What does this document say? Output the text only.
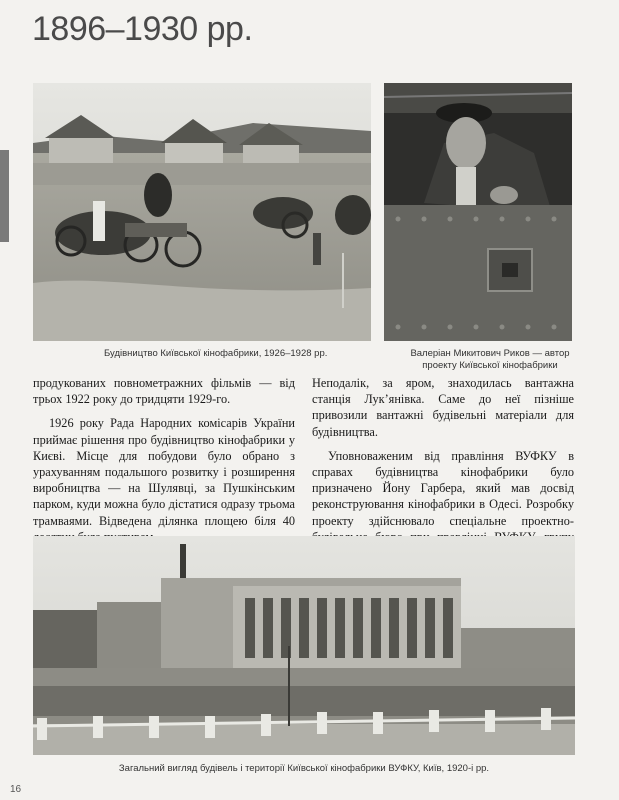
1896–1930 рр.
Будівництво Київської кінофабрики, 1926–1928 рр.	Валеріан Микитович Риков — автор
проекту Київської кінофабрики

продукованих повнометражних фільмів — від трьох 1922 року до тридцяти 1929-го.

1926 року Рада Народних комісарів України приймає рішення про будівництво кінофабрики у Києві. Місце для побудови було обрано з урахуванням подальшого розвитку і розширення виробництва — на Шулявці, за Пушкінським парком, куди можна було дістатися одразу трьома трамваями. Відведена ділянка площею біля 40

Неподалік, за яром, знаходилась вантажна станція Лук’янівка. Саме до неї пізніше привозили вантажні будівельні матеріали для будівництва.

Уповноваженим від правління ВУФКУ в справах будівництва кінофабрики було призначено Йону Гарбера, який мав досвід реконструювання кінофабрики в Одесі. Розробку проекту здійснювало спеціальне проектно-

Загальний вигляд будівель і території Київської кінофабрики ВУФКУ, Київ, 1920-і рр.
16
